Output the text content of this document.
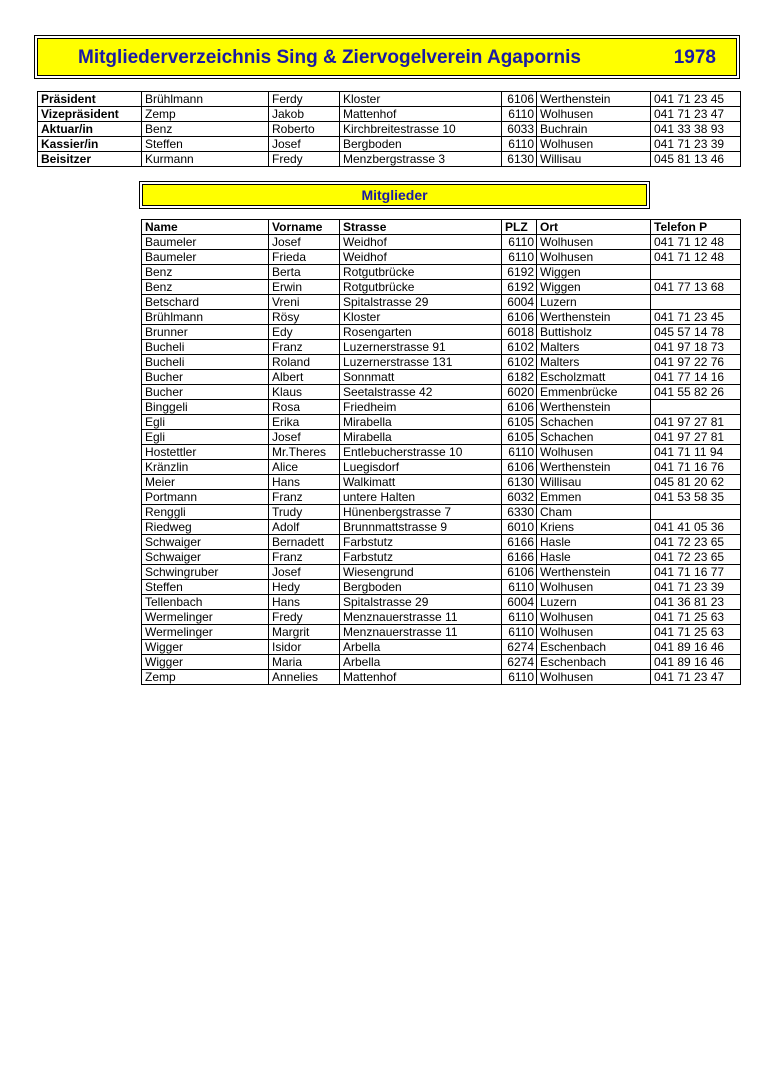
Mitgliederverzeichnis Sing & Ziervogelverein Agapornis	1978
Präsident	Brühlmann	Ferdy	Kloster	6106	Werthenstein	041 71 23 45
Vizepräsident	Zemp	Jakob	Mattenhof	6110	Wolhusen	041 71 23 47
Aktuar/in	Benz	Roberto	Kirchbreitestrasse 10	6033	Buchrain	041 33 38 93
Kassier/in	Steffen	Josef	Bergboden	6110	Wolhusen	041 71 23 39
Beisitzer	Kurmann	Fredy	Menzbergstrasse 3	6130	Willisau	045 81 13 46
Mitglieder
Name	Vorname	Strasse	PLZ	Ort	Telefon P
Baumeler	Josef	Weidhof	6110	Wolhusen	041 71 12 48
Baumeler	Frieda	Weidhof	6110	Wolhusen	041 71 12 48
Benz	Berta	Rotgutbrücke	6192	Wiggen	
Benz	Erwin	Rotgutbrücke	6192	Wiggen	041 77 13 68
Betschard	Vreni	Spitalstrasse 29	6004	Luzern	
Brühlmann	Rösy	Kloster	6106	Werthenstein	041 71 23 45
Brunner	Edy	Rosengarten	6018	Buttisholz	045 57 14 78
Bucheli	Franz	Luzernerstrasse 91	6102	Malters	041 97 18 73
Bucheli	Roland	Luzernerstrasse 131	6102	Malters	041 97 22 76
Bucher	Albert	Sonnmatt	6182	Escholzmatt	041 77 14 16
Bucher	Klaus	Seetalstrasse 42	6020	Emmenbrücke	041 55 82 26
Binggeli	Rosa	Friedheim	6106	Werthenstein	
Egli	Erika	Mirabella	6105	Schachen	041 97 27 81
Egli	Josef	Mirabella	6105	Schachen	041 97 27 81
Hostettler	Mr.Theres	Entlebucherstrasse 10	6110	Wolhusen	041 71 11 94
Kränzlin	Alice	Luegisdorf	6106	Werthenstein	041 71 16 76
Meier	Hans	Walkimatt	6130	Willisau	045 81 20 62
Portmann	Franz	untere Halten	6032	Emmen	041 53 58 35
Renggli	Trudy	Hünenbergstrasse 7	6330	Cham	
Riedweg	Adolf	Brunnmattstrasse 9	6010	Kriens	041 41 05 36
Schwaiger	Bernadett	Farbstutz	6166	Hasle	041 72 23 65
Schwaiger	Franz	Farbstutz	6166	Hasle	041 72 23 65
Schwingruber	Josef	Wiesengrund	6106	Werthenstein	041 71 16 77
Steffen	Hedy	Bergboden	6110	Wolhusen	041 71 23 39
Tellenbach	Hans	Spitalstrasse 29	6004	Luzern	041 36 81 23
Wermelinger	Fredy	Menznauerstrasse 11	6110	Wolhusen	041 71 25 63
Wermelinger	Margrit	Menznauerstrasse 11	6110	Wolhusen	041 71 25 63
Wigger	Isidor	Arbella	6274	Eschenbach	041 89 16 46
Wigger	Maria	Arbella	6274	Eschenbach	041 89 16 46
Zemp	Annelies	Mattenhof	6110	Wolhusen	041 71 23 47
